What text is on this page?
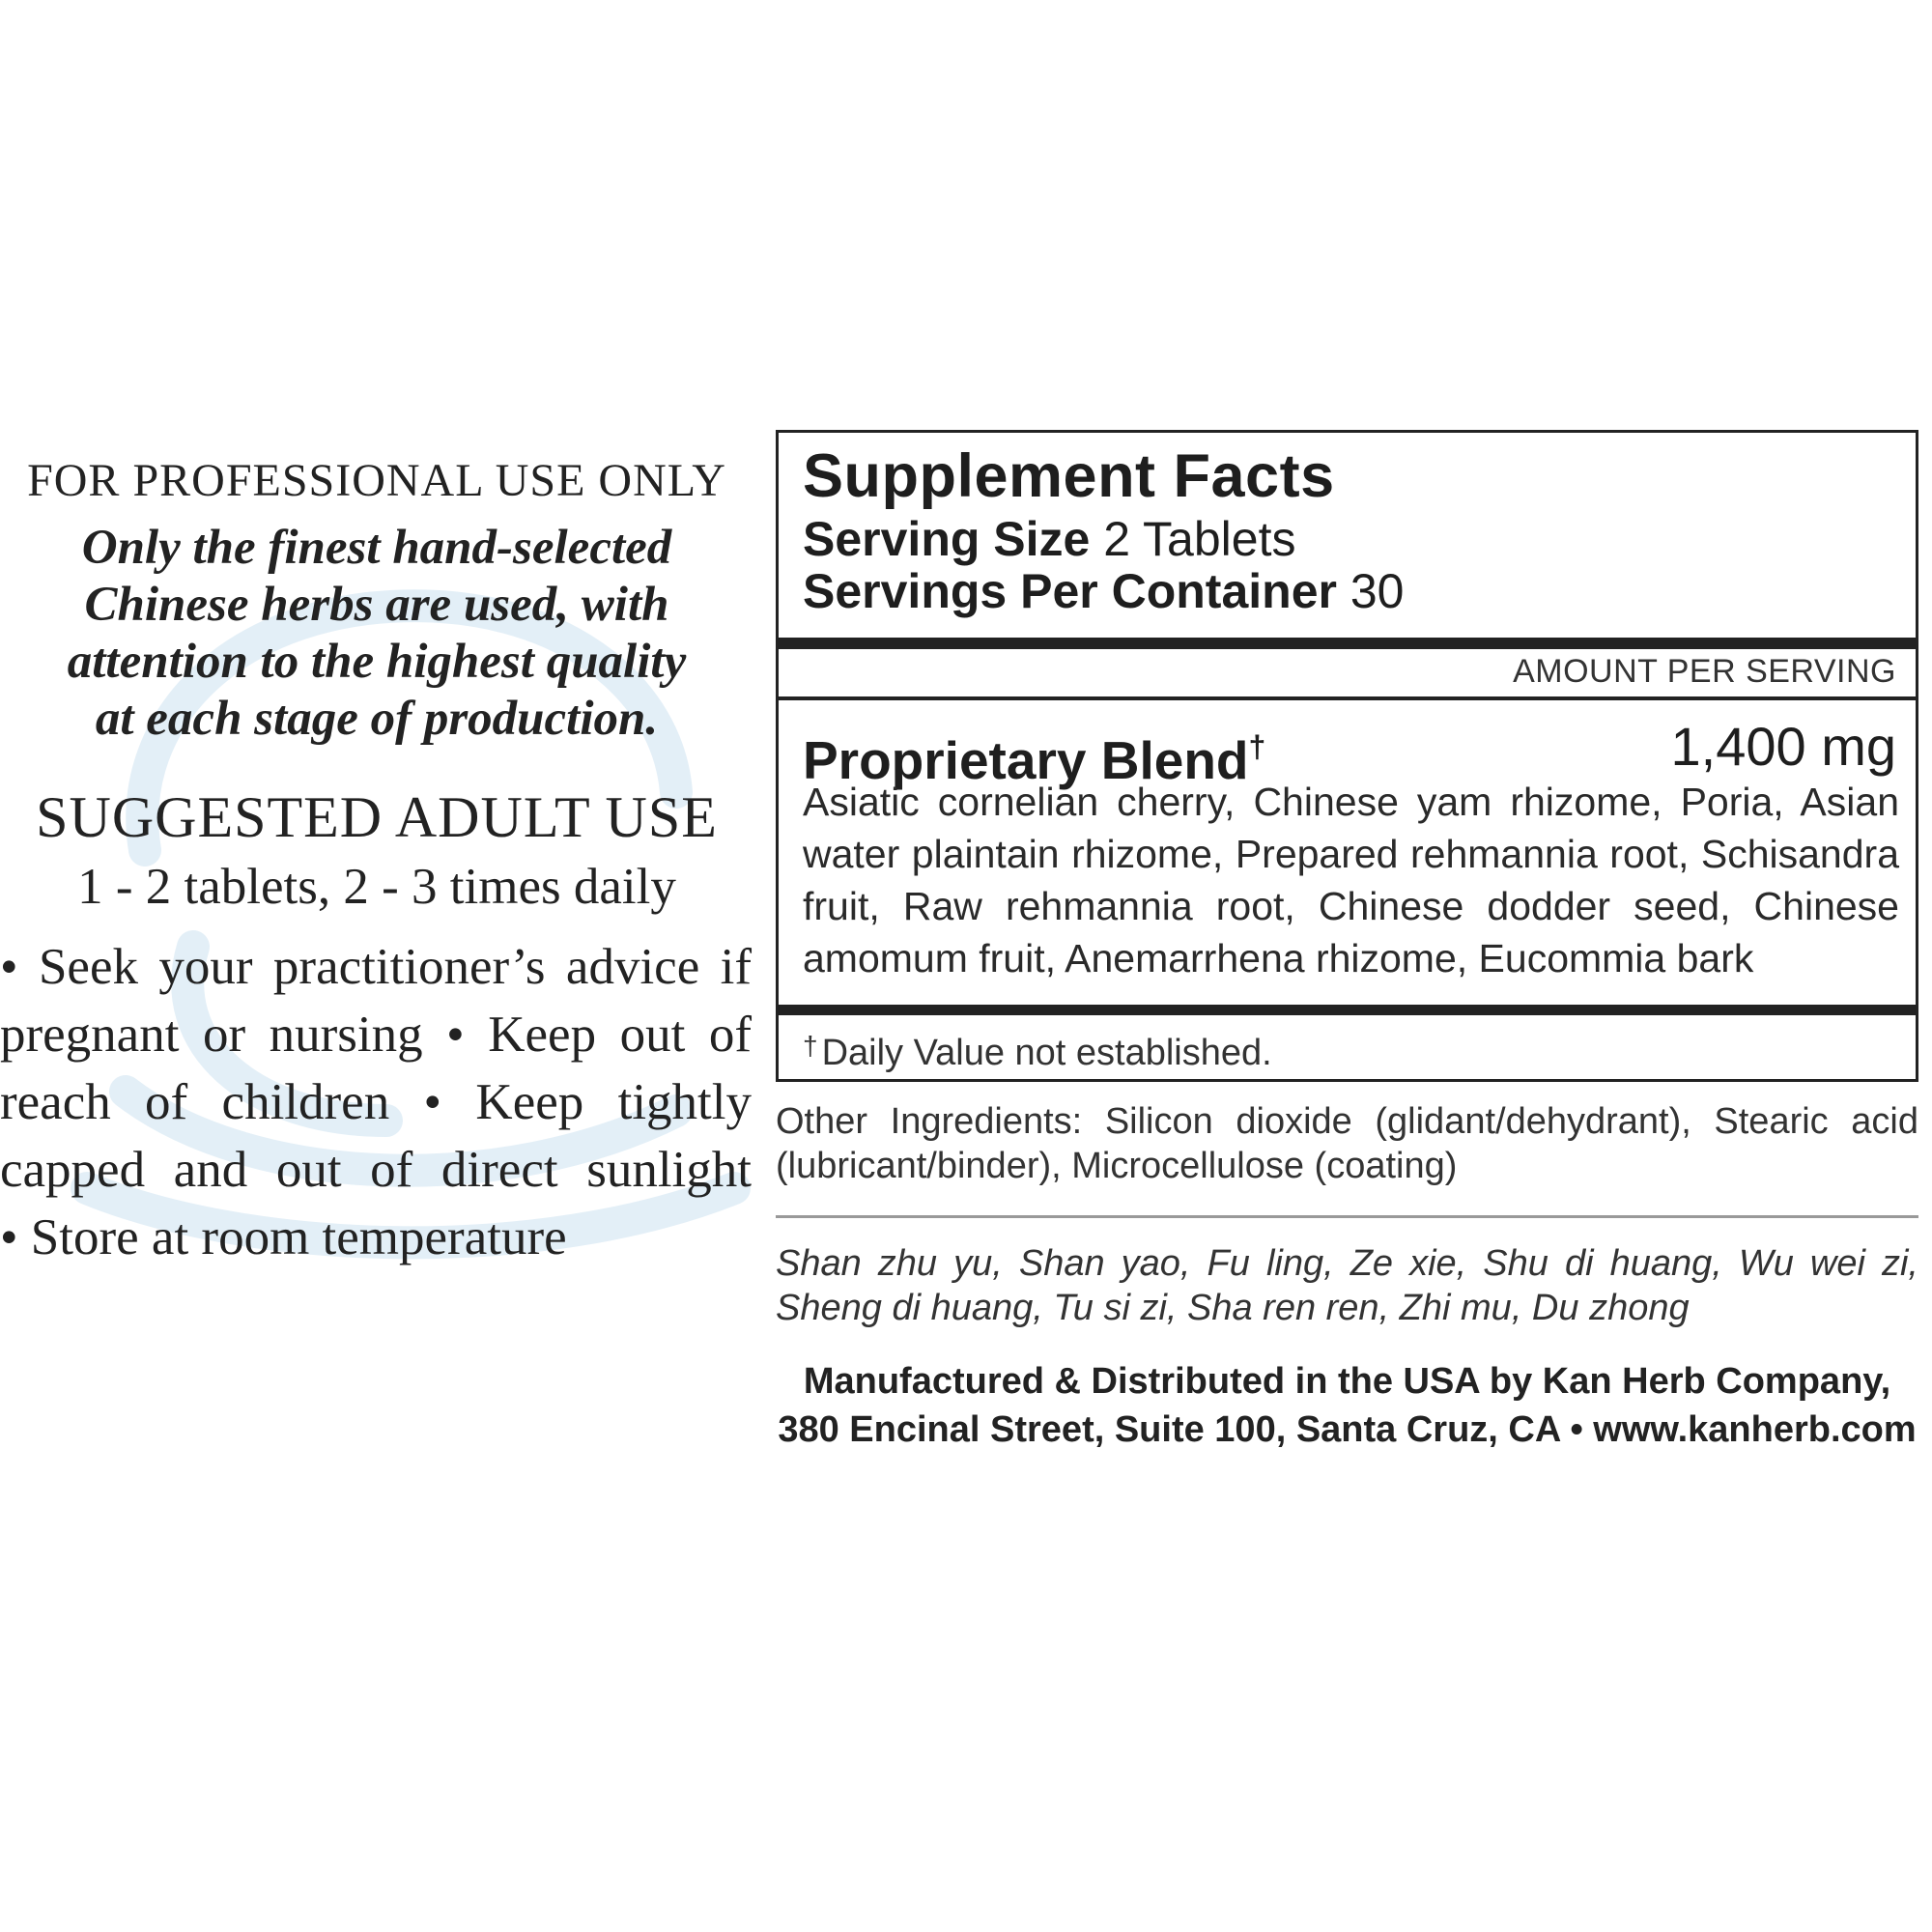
FOR PROFESSIONAL USE ONLY

Only the finest hand-selected
Chinese herbs are used, with
attention to the highest quality
at each stage of production.

SUGGESTED ADULT USE

1 - 2 tablets, 2 - 3 times daily

• Seek your practitioner’s advice if
pregnant or nursing • Keep out of
reach of children • Keep tightly
capped and out of direct sunlight
• Store at room temperature

Supplement Facts
Serving Size 2 Tablets
Servings Per Container 30
AMOUNT PER SERVING
Proprietary Blend†	1,400 mg
Asiatic cornelian cherry, Chinese yam rhizome, Poria, Asian
water plaintain rhizome, Prepared rehmannia root, Schisandra
fruit, Raw rehmannia root, Chinese dodder seed, Chinese
amomum fruit, Anemarrhena rhizome, Eucommia bark
† Daily Value not established.
Other Ingredients: Silicon dioxide (glidant/dehydrant), Stearic acid
(lubricant/binder), Microcellulose (coating)
Shan zhu yu, Shan yao, Fu ling, Ze xie, Shu di huang, Wu wei zi,
Sheng di huang, Tu si zi, Sha ren ren, Zhi mu, Du zhong
Manufactured & Distributed in the USA by Kan Herb Company,
380 Encinal Street, Suite 100, Santa Cruz, CA • www.kanherb.com
